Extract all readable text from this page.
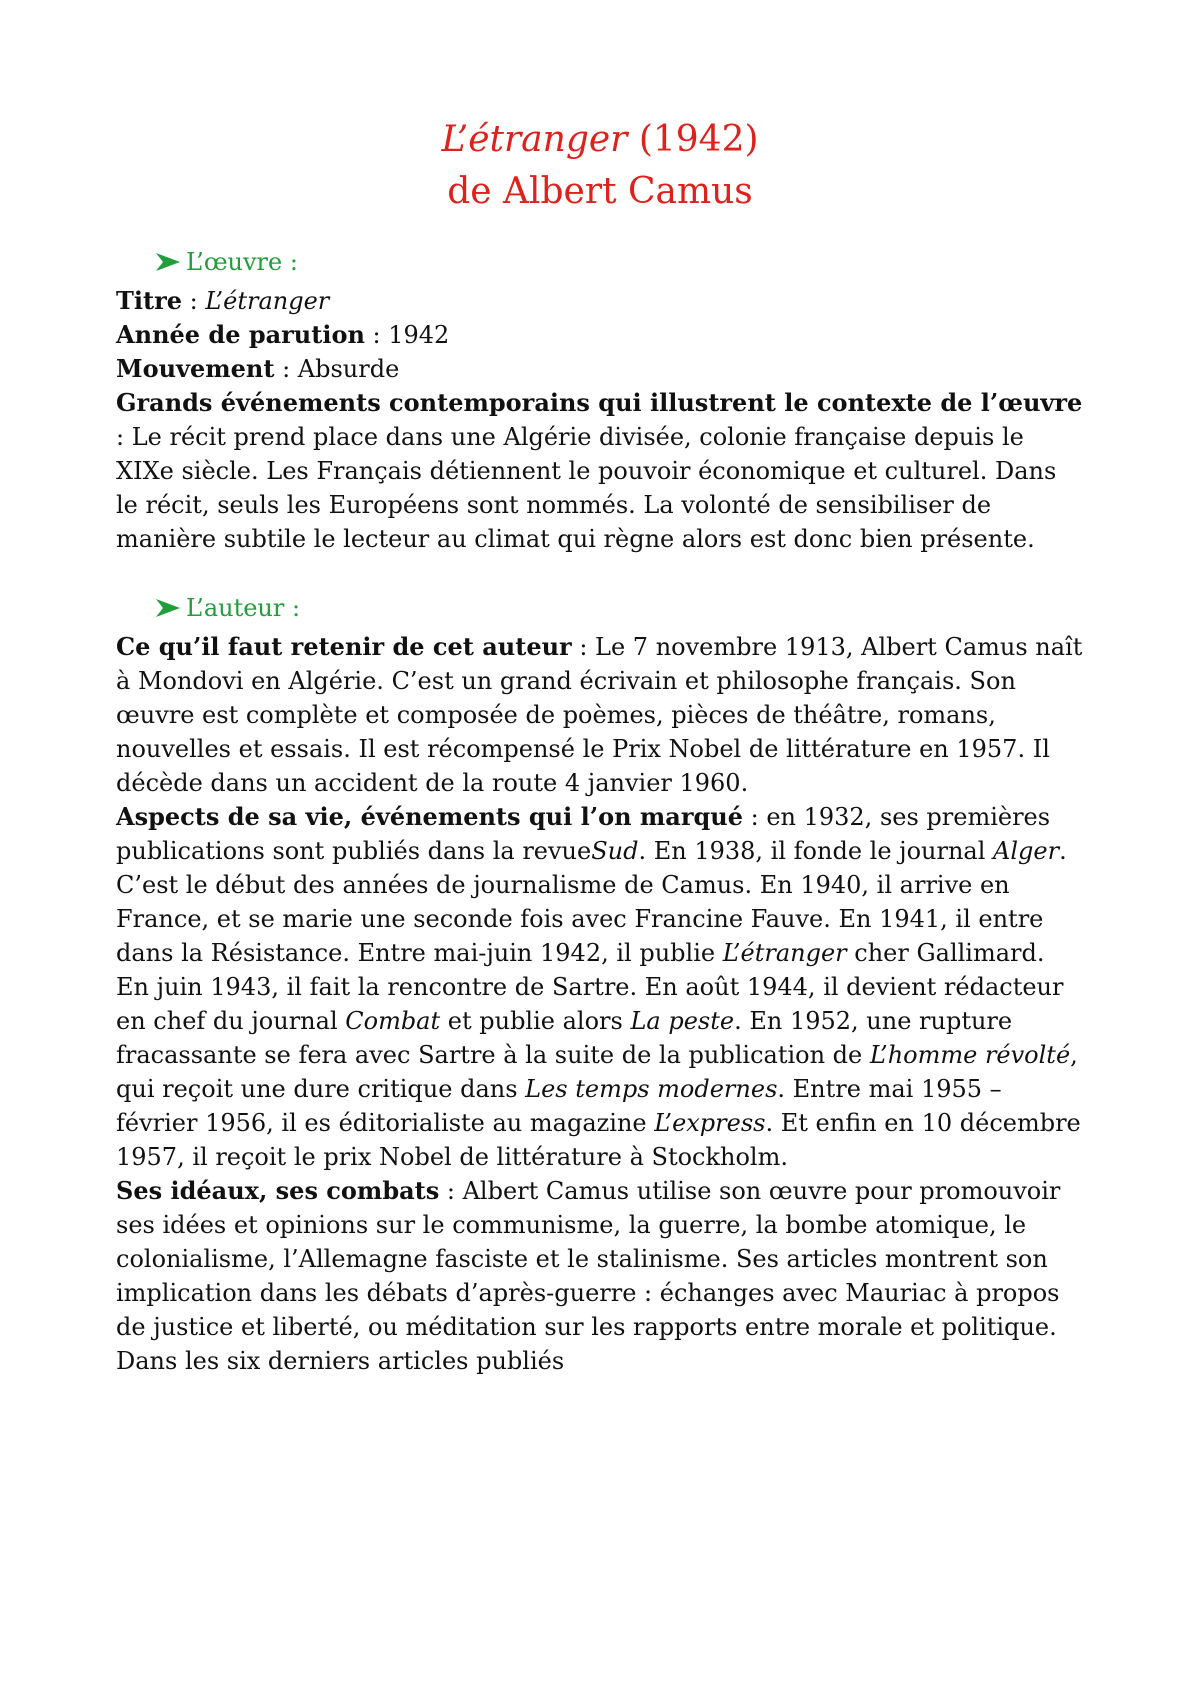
L’étranger (1942)
de Albert Camus
L’œuvre :

Titre : L’étranger

Année de parution : 1942

Mouvement : Absurde

Grands événements contemporains qui illustrent le contexte de l’œuvre : Le récit prend place dans une Algérie divisée, colonie française depuis le XIXe siècle. Les Français détiennent le pouvoir économique et culturel. Dans le récit, seuls les Européens sont nommés. La volonté de sensibiliser de manière subtile le lecteur au climat qui règne alors est donc bien présente.

L’auteur :

Ce qu’il faut retenir de cet auteur : Le 7 novembre 1913, Albert Camus naît à Mondovi en Algérie. C’est un grand écrivain et philosophe français. Son œuvre est complète et composée de poèmes, pièces de théâtre, romans, nouvelles et essais. Il est récompensé le Prix Nobel de littérature en 1957. Il décède dans un accident de la route 4 janvier 1960.

Aspects de sa vie, événements qui l’on marqué : en 1932, ses premières publications sont publiés dans la revueSud. En 1938, il fonde le journal Alger. C’est le début des années de journalisme de Camus. En 1940, il arrive en France, et se marie une seconde fois avec Francine Fauve. En 1941, il entre dans la Résistance. Entre mai-juin 1942, il publie L’étranger cher Gallimard. En juin 1943, il fait la rencontre de Sartre. En août 1944, il devient rédacteur en chef du journal Combat et publie alors La peste. En 1952, une rupture fracassante se fera avec Sartre à la suite de la publication de L’homme révolté, qui reçoit une dure critique dans Les temps modernes. Entre mai 1955 – février 1956, il es éditorialiste au magazine L’express. Et enfin en 10 décembre 1957, il reçoit le prix Nobel de littérature à Stockholm.

Ses idéaux, ses combats : Albert Camus utilise son œuvre pour promouvoir ses idées et opinions sur le communisme, la guerre, la bombe atomique, le colonialisme, l’Allemagne fasciste et le stalinisme. Ses articles montrent son implication dans les débats d’après-guerre : échanges avec Mauriac à propos de justice et liberté, ou méditation sur les rapports entre morale et politique. Dans les six derniers articles publiés
